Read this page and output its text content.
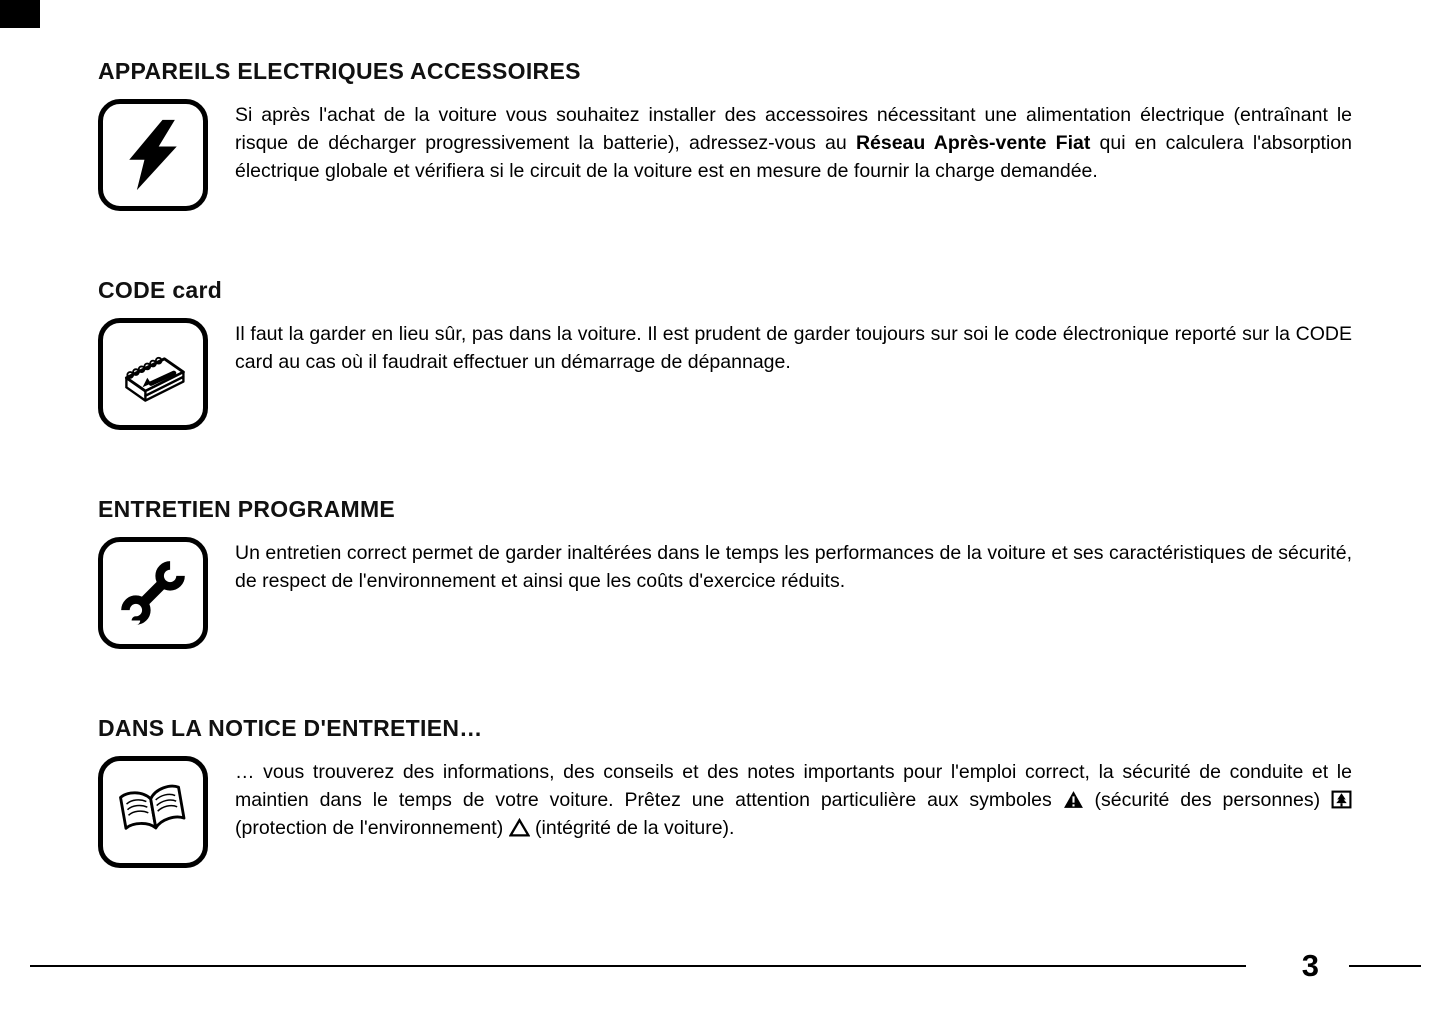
APPAREILS ELECTRIQUES ACCESSOIRES

Si après l'achat de la voiture vous souhaitez installer des accessoires nécessitant une alimentation électrique (entraînant le risque de décharger progressivement la batterie), adressez-vous au Réseau Après-vente Fiat qui en calculera l'absorption électrique globale et vérifiera si le circuit de la voiture est en mesure de fournir la charge demandée.

CODE card

Il faut la garder en lieu sûr, pas dans la voiture. Il est prudent de garder toujours sur soi le code électronique reporté sur la CODE card au cas où il faudrait effectuer un démarrage de dépannage.

ENTRETIEN PROGRAMME

Un entretien correct permet de garder inaltérées dans le temps les performances de la voiture et ses caractéristiques de sécurité, de respect de l'environnement et ainsi que les coûts d'exercice réduits.

DANS LA NOTICE D'ENTRETIEN…

… vous trouverez des informations, des conseils et des notes importants pour l'emploi correct, la sécurité de conduite et le maintien dans le temps de votre voiture. Prêtez une attention particulière aux symboles  (sécurité des personnes)  (protection de l'environnement)  (intégrité de la voiture).

3
